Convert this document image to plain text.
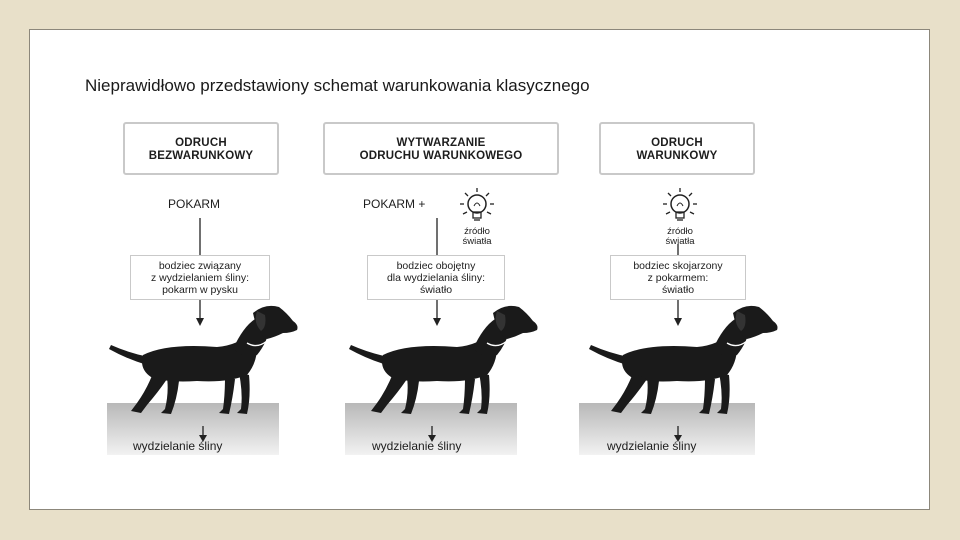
Nieprawidłowo przedstawiony schemat warunkowania klasycznego
ODRUCH
BEZWARUNKOWY
POKARM
bodziec związany
z wydzielaniem śliny:
pokarm w pysku
wydzielanie śliny
WYTWARZANIE
ODRUCHU WARUNKOWEGO
POKARM +
źródło
światła
bodziec obojętny
dla wydzielania śliny:
światło
wydzielanie śliny
ODRUCH
WARUNKOWY
źródło
światła
bodziec skojarzony
z pokarmem:
światło
wydzielanie śliny
